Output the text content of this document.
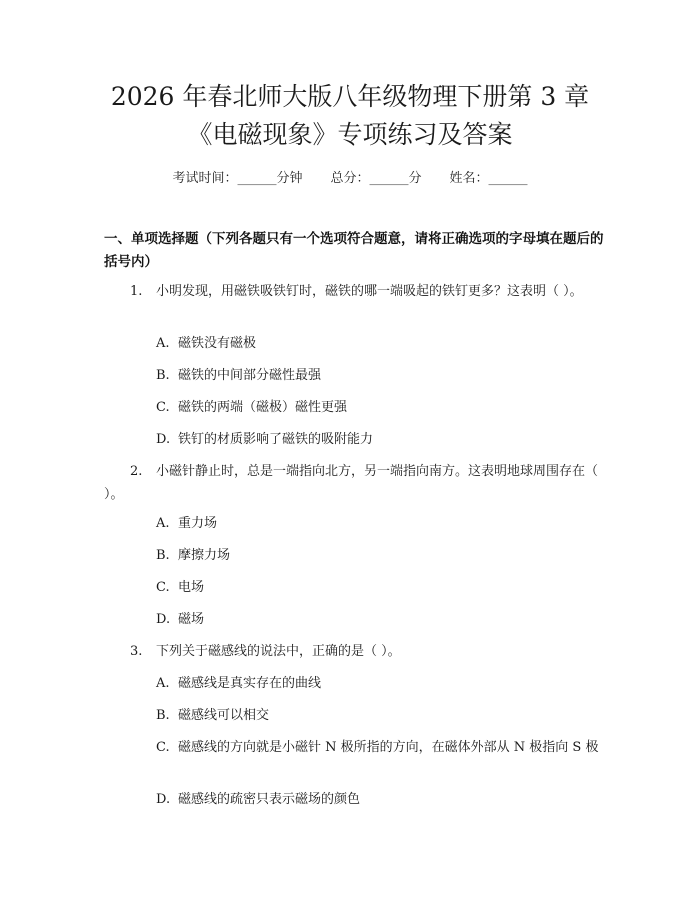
2026 年春北师大版八年级物理下册第 3 章
《电磁现象》专项练习及答案
考试时间：______分钟 总分：______分 姓名：______
一、单项选择题（下列各题只有一个选项符合题意，请将正确选项的字母填在题后的括号内）
1. 小明发现，用磁铁吸铁钉时，磁铁的哪一端吸起的铁钉更多？这表明（ ）。
A. 磁铁没有磁极
B. 磁铁的中间部分磁性最强
C. 磁铁的两端（磁极）磁性更强
D. 铁钉的材质影响了磁铁的吸附能力
2. 小磁针静止时，总是一端指向北方，另一端指向南方。这表明地球周围存在（ ）。
A. 重力场
B. 摩擦力场
C. 电场
D. 磁场
3. 下列关于磁感线的说法中，正确的是（ ）。
A. 磁感线是真实存在的曲线
B. 磁感线可以相交
C. 磁感线的方向就是小磁针 N 极所指的方向，在磁体外部从 N 极指向 S 极
D. 磁感线的疏密只表示磁场的颜色
